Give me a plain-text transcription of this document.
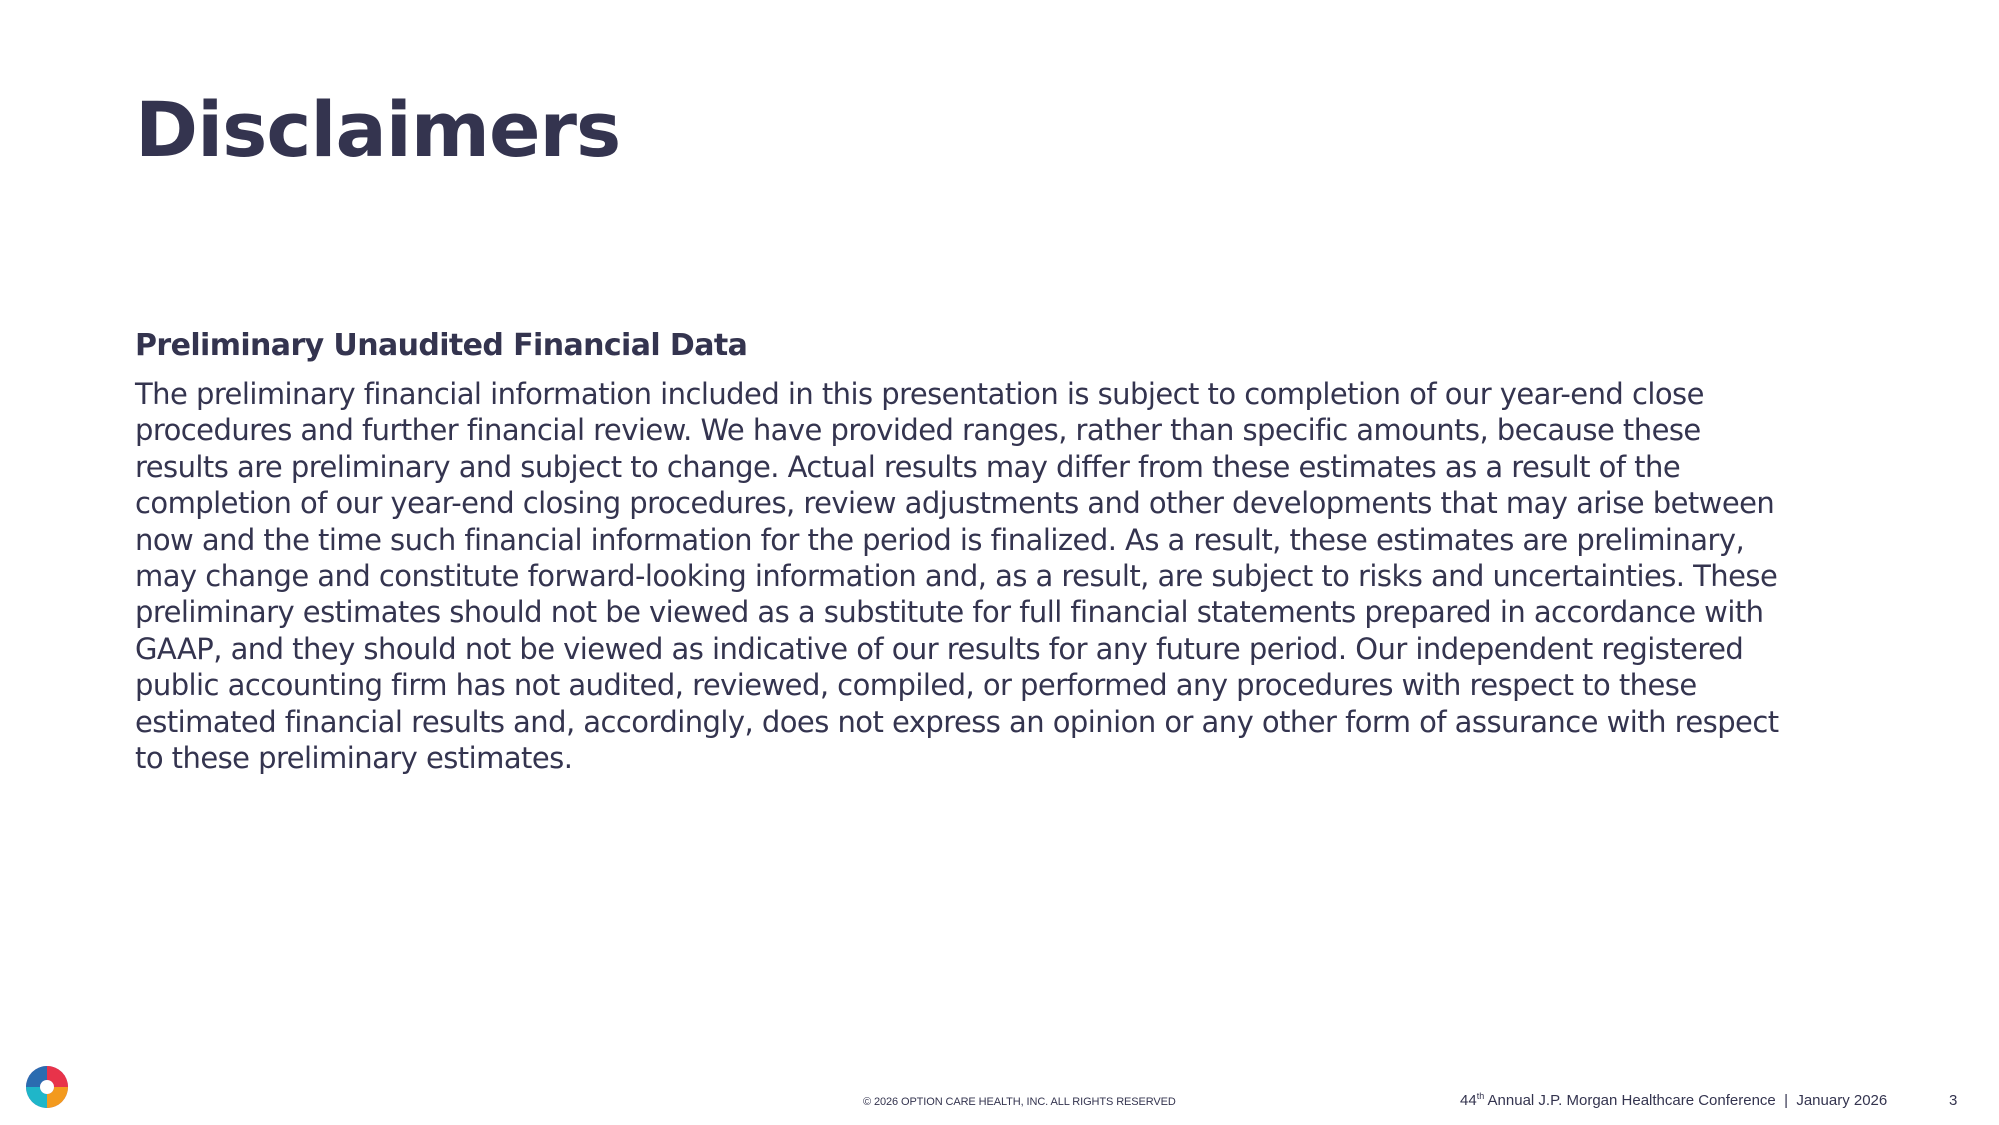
Disclaimers
Preliminary Unaudited Financial Data

The preliminary financial information included in this presentation is subject to completion of our year-end close
procedures and further financial review. We have provided ranges, rather than specific amounts, because these
results are preliminary and subject to change. Actual results may differ from these estimates as a result of the
completion of our year-end closing procedures, review adjustments and other developments that may arise between
now and the time such financial information for the period is finalized. As a result, these estimates are preliminary,
may change and constitute forward-looking information and, as a result, are subject to risks and uncertainties. These
preliminary estimates should not be viewed as a substitute for full financial statements prepared in accordance with
GAAP, and they should not be viewed as indicative of our results for any future period. Our independent registered
public accounting firm has not audited, reviewed, compiled, or performed any procedures with respect to these
estimated financial results and, accordingly, does not express an opinion or any other form of assurance with respect
to these preliminary estimates.

© 2026 OPTION CARE HEALTH, INC. ALL RIGHTS RESERVED	44th Annual J.P. Morgan Healthcare Conference  |  January 2026	3
